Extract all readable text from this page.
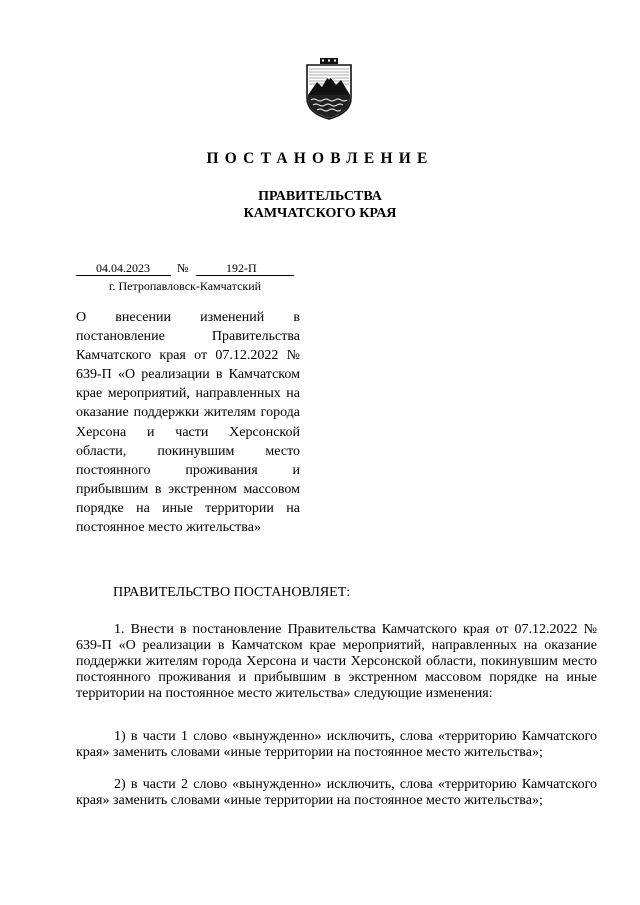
ПОСТАНОВЛЕНИЕ
ПРАВИТЕЛЬСТВА
КАМЧАТСКОГО КРАЯ
04.04.2023 №	192-П
г. Петропавловск-Камчатский
О внесении изменений в постановление Правительства Камчатского края от 07.12.2022 № 639-П «О реализации в Камчатском крае мероприятий, направленных на оказание поддержки жителям города Херсона и части Херсонской области, покинувшим место постоянного проживания и прибывшим в экстренном массовом порядке на иные территории на постоянное место жительства»
ПРАВИТЕЛЬСТВО ПОСТАНОВЛЯЕТ:
1. Внести в постановление Правительства Камчатского края от 07.12.2022 № 639-П «О реализации в Камчатском крае мероприятий, направленных на оказание поддержки жителям города Херсона и части Херсонской области, покинувшим место постоянного проживания и прибывшим в экстренном массовом порядке на иные территории на постоянное место жительства» следующие изменения:
1) в части 1 слово «вынужденно» исключить, слова «территорию Камчатского края» заменить словами «иные территории на постоянное место жительства»;
2) в части 2 слово «вынужденно» исключить, слова «территорию Камчатского края» заменить словами «иные территории на постоянное место жительства»;
